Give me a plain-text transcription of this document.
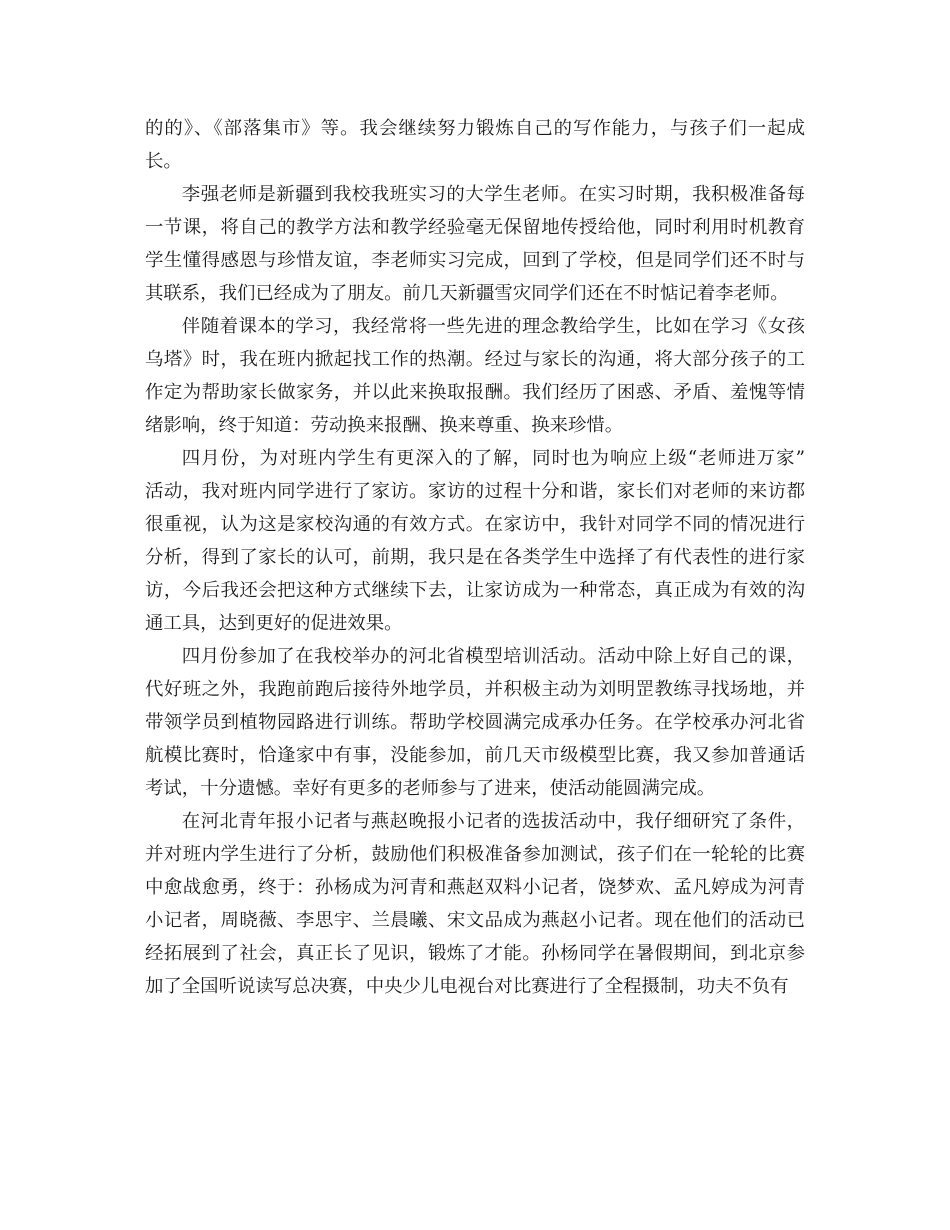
的的》、《部落集市》等。我会继续努力锻炼自己的写作能力，与孩子们一起成
长。

李强老师是新疆到我校我班实习的大学生老师。在实习时期，我积极准备每
一节课，将自己的教学方法和教学经验毫无保留地传授给他，同时利用时机教育
学生懂得感恩与珍惜友谊，李老师实习完成，回到了学校，但是同学们还不时与
其联系，我们已经成为了朋友。前几天新疆雪灾同学们还在不时惦记着李老师。

伴随着课本的学习，我经常将一些先进的理念教给学生，比如在学习《女孩
乌塔》时，我在班内掀起找工作的热潮。经过与家长的沟通，将大部分孩子的工
作定为帮助家长做家务，并以此来换取报酬。我们经历了困惑、矛盾、羞愧等情
绪影响，终于知道：劳动换来报酬、换来尊重、换来珍惜。

四月份，为对班内学生有更深入的了解，同时也为响应上级“老师进万家”
活动，我对班内同学进行了家访。家访的过程十分和谐，家长们对老师的来访都
很重视，认为这是家校沟通的有效方式。在家访中，我针对同学不同的情况进行
分析，得到了家长的认可，前期，我只是在各类学生中选择了有代表性的进行家
访，今后我还会把这种方式继续下去，让家访成为一种常态，真正成为有效的沟
通工具，达到更好的促进效果。

四月份参加了在我校举办的河北省模型培训活动。活动中除上好自己的课，
代好班之外，我跑前跑后接待外地学员，并积极主动为刘明罡教练寻找场地，并
带领学员到植物园路进行训练。帮助学校圆满完成承办任务。在学校承办河北省
航模比赛时，恰逢家中有事，没能参加，前几天市级模型比赛，我又参加普通话
考试，十分遗憾。幸好有更多的老师参与了进来，使活动能圆满完成。

在河北青年报小记者与燕赵晚报小记者的选拔活动中，我仔细研究了条件，
并对班内学生进行了分析，鼓励他们积极准备参加测试，孩子们在一轮轮的比赛
中愈战愈勇，终于：孙杨成为河青和燕赵双料小记者，饶梦欢、孟凡婷成为河青
小记者，周晓薇、李思宇、兰晨曦、宋文品成为燕赵小记者。现在他们的活动已
经拓展到了社会，真正长了见识，锻炼了才能。孙杨同学在暑假期间，到北京参
加了全国听说读写总决赛，中央少儿电视台对比赛进行了全程摄制，功夫不负有
